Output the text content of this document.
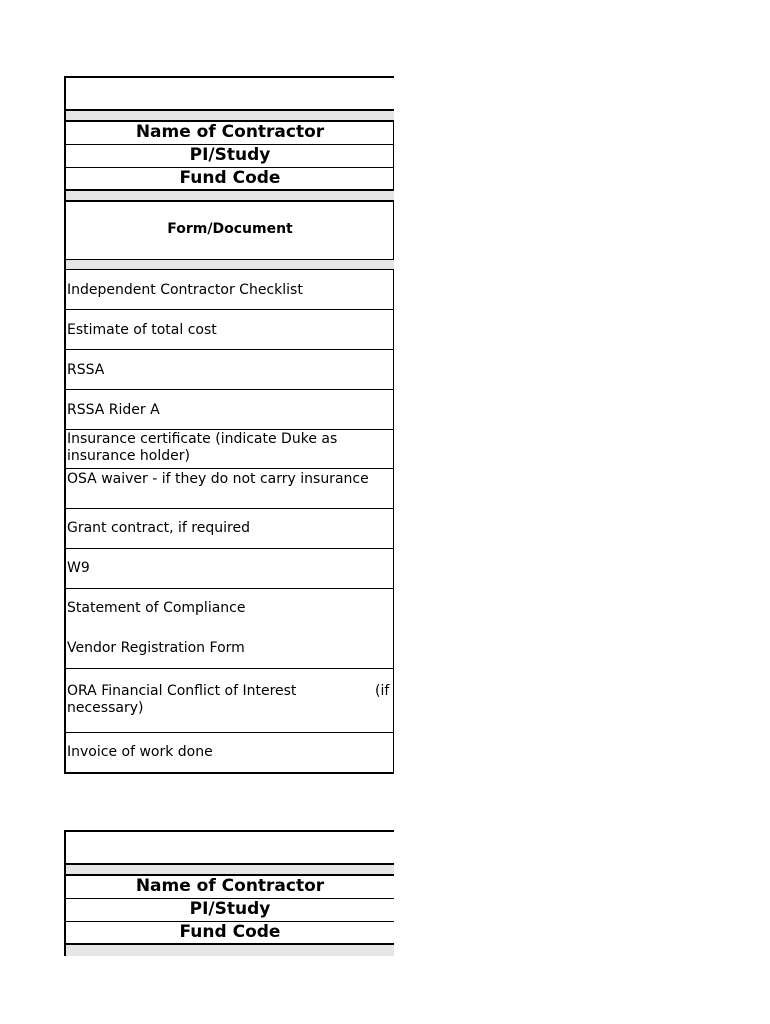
Name of Contractor
PI/Study
Fund Code
Form/Document
Independent Contractor Checklist
Estimate of total cost
RSSA
RSSA Rider A
Insurance certificate (indicate Duke as insurance holder)
OSA waiver - if they do not carry insurance
Grant contract, if required
W9
Statement of Compliance
Vendor Registration Form
ORA Financial Conflict of Interest	(if
necessary)
Invoice of work done
Name of Contractor
PI/Study
Fund Code
